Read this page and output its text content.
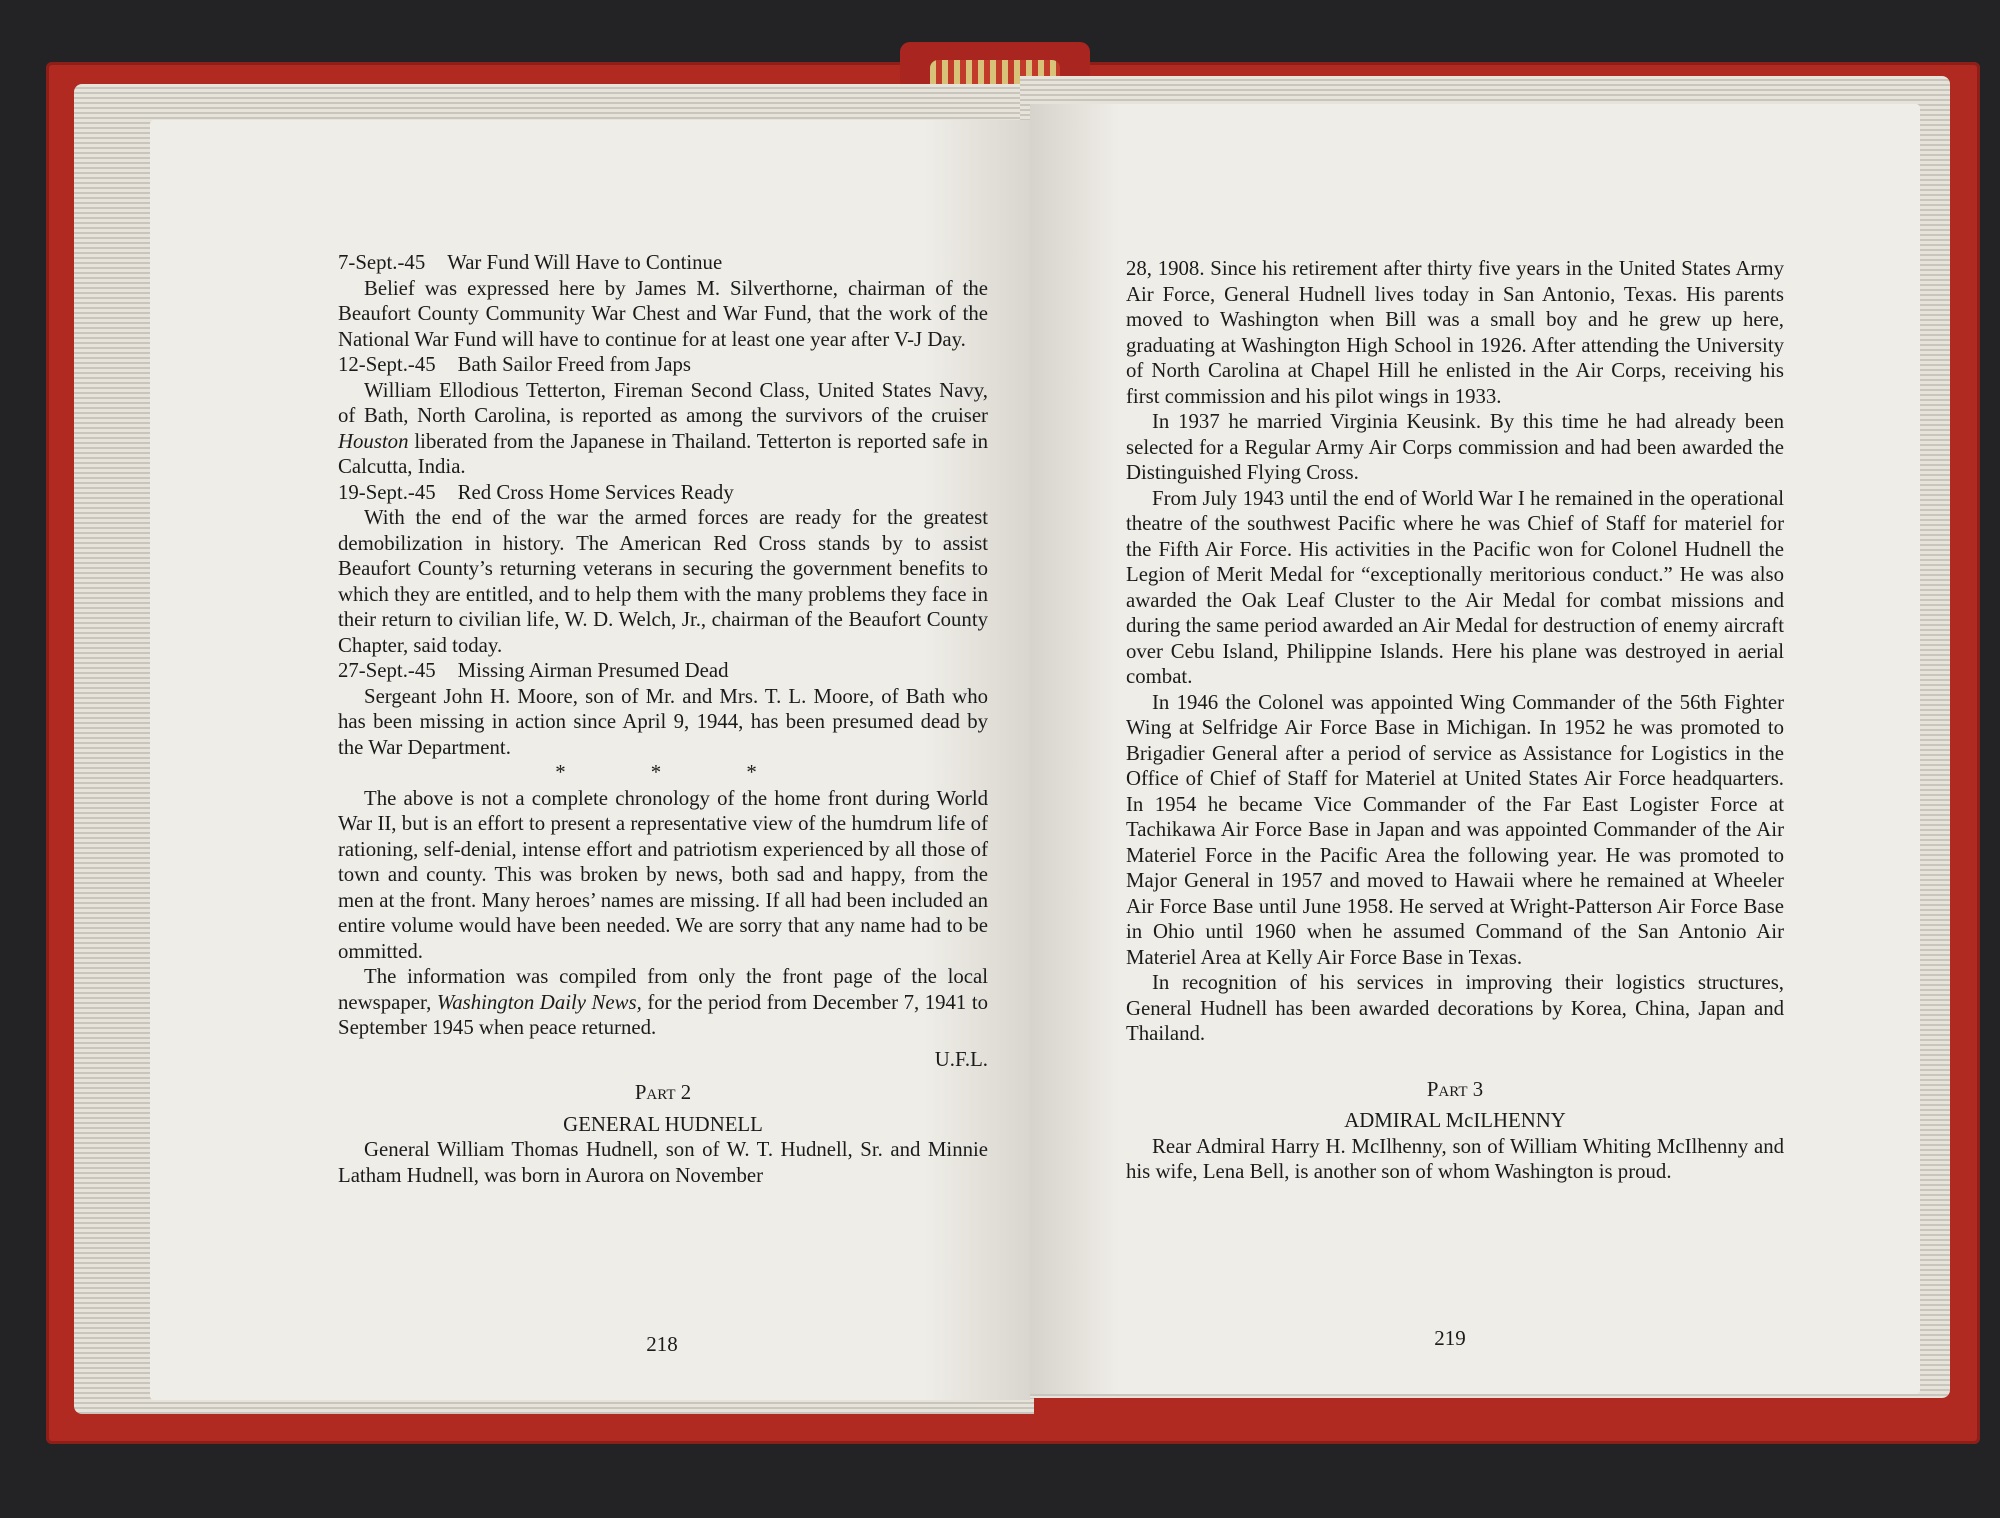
7-Sept.-45 War Fund Will Have to Continue

Belief was expressed here by James M. Silverthorne, chairman of the Beaufort County Community War Chest and War Fund, that the work of the National War Fund will have to continue for at least one year after V-J Day.

12-Sept.-45 Bath Sailor Freed from Japs

William Ellodious Tetterton, Fireman Second Class, United States Navy, of Bath, North Carolina, is reported as among the survivors of the cruiser Houston liberated from the Japanese in Thailand. Tetterton is reported safe in Calcutta, India.

19-Sept.-45 Red Cross Home Services Ready

With the end of the war the armed forces are ready for the greatest demobilization in history. The American Red Cross stands by to assist Beaufort County’s returning veterans in securing the government benefits to which they are entitled, and to help them with the many problems they face in their return to civilian life, W. D. Welch, Jr., chairman of the Beaufort County Chapter, said today.

27-Sept.-45 Missing Airman Presumed Dead

Sergeant John H. Moore, son of Mr. and Mrs. T. L. Moore, of Bath who has been missing in action since April 9, 1944, has been presumed dead by the War Department.

* * *

The above is not a complete chronology of the home front during World War II, but is an effort to present a representative view of the humdrum life of rationing, self-denial, intense effort and patriotism experienced by all those of town and county. This was broken by news, both sad and happy, from the men at the front. Many heroes’ names are missing. If all had been included an entire volume would have been needed. We are sorry that any name had to be ommitted.

The information was compiled from only the front page of the local newspaper, Washington Daily News, for the period from December 7, 1941 to September 1945 when peace returned.

U.F.L.

Part 2

GENERAL HUDNELL

General William Thomas Hudnell, son of W. T. Hudnell, Sr. and Minnie Latham Hudnell, was born in Aurora on November

218

28, 1908. Since his retirement after thirty five years in the United States Army Air Force, General Hudnell lives today in San Antonio, Texas. His parents moved to Washington when Bill was a small boy and he grew up here, graduating at Washington High School in 1926. After attending the University of North Carolina at Chapel Hill he enlisted in the Air Corps, receiving his first commission and his pilot wings in 1933.

In 1937 he married Virginia Keusink. By this time he had already been selected for a Regular Army Air Corps commission and had been awarded the Distinguished Flying Cross.

From July 1943 until the end of World War I he remained in the operational theatre of the southwest Pacific where he was Chief of Staff for materiel for the Fifth Air Force. His activities in the Pacific won for Colonel Hudnell the Legion of Merit Medal for “exceptionally meritorious conduct.” He was also awarded the Oak Leaf Cluster to the Air Medal for combat missions and during the same period awarded an Air Medal for destruction of enemy aircraft over Cebu Island, Philippine Islands. Here his plane was destroyed in aerial combat.

In 1946 the Colonel was appointed Wing Commander of the 56th Fighter Wing at Selfridge Air Force Base in Michigan. In 1952 he was promoted to Brigadier General after a period of service as Assistance for Logistics in the Office of Chief of Staff for Materiel at United States Air Force headquarters. In 1954 he became Vice Commander of the Far East Logister Force at Tachikawa Air Force Base in Japan and was appointed Commander of the Air Materiel Force in the Pacific Area the following year. He was promoted to Major General in 1957 and moved to Hawaii where he remained at Wheeler Air Force Base until June 1958. He served at Wright-Patterson Air Force Base in Ohio until 1960 when he assumed Command of the San Antonio Air Materiel Area at Kelly Air Force Base in Texas.

In recognition of his services in improving their logistics structures, General Hudnell has been awarded decorations by Korea, China, Japan and Thailand.

Part 3

ADMIRAL McILHENNY

Rear Admiral Harry H. McIlhenny, son of William Whiting McIlhenny and his wife, Lena Bell, is another son of whom Washington is proud.

219
